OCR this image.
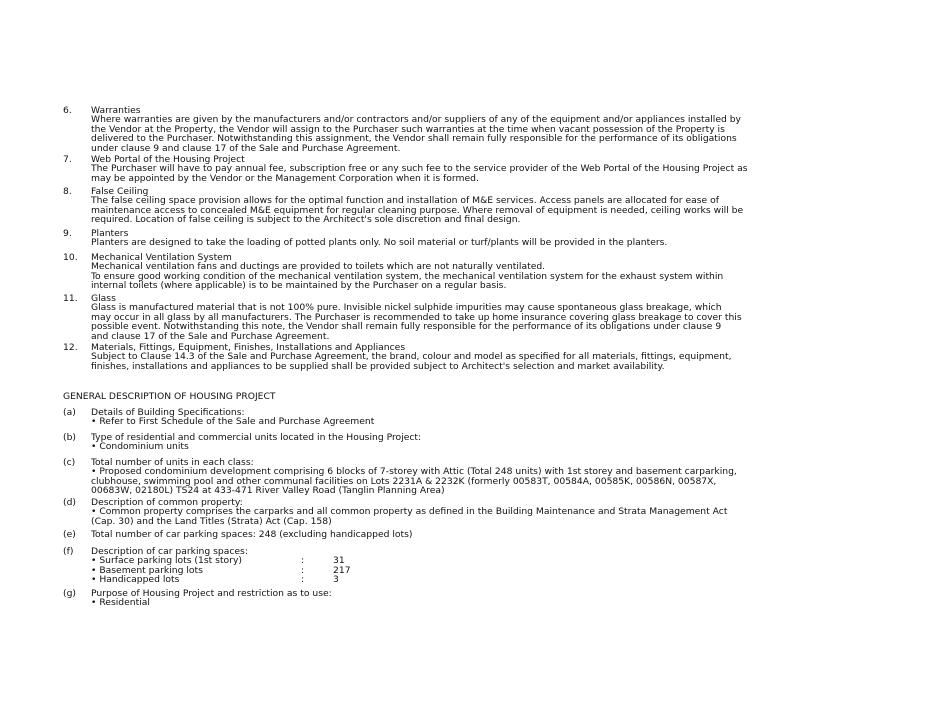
6.	Warranties
Where warranties are given by the manufacturers and/or contractors and/or suppliers of any of the equipment and/or appliances installed by
the Vendor at the Property, the Vendor will assign to the Purchaser such warranties at the time when vacant possession of the Property is
delivered to the Purchaser. Notwithstanding this assignment, the Vendor shall remain fully responsible for the performance of its obligations
under clause 9 and clause 17 of the Sale and Purchase Agreement.
7.	Web Portal of the Housing Project
The Purchaser will have to pay annual fee, subscription free or any such fee to the service provider of the Web Portal of the Housing Project as
may be appointed by the Vendor or the Management Corporation when it is formed.
8.	False Ceiling
The false ceiling space provision allows for the optimal function and installation of M&E services. Access panels are allocated for ease of
maintenance access to concealed M&E equipment for regular cleaning purpose. Where removal of equipment is needed, ceiling works will be
required. Location of false ceiling is subject to the Architect's sole discretion and final design.
9.	Planters
Planters are designed to take the loading of potted plants only. No soil material or turf/plants will be provided in the planters.
10.	Mechanical Ventilation System
Mechanical ventilation fans and ductings are provided to toilets which are not naturally ventilated.
To ensure good working condition of the mechanical ventilation system, the mechanical ventilation system for the exhaust system within
internal toilets (where applicable) is to be maintained by the Purchaser on a regular basis.
11.	Glass
Glass is manufactured material that is not 100% pure. Invisible nickel sulphide impurities may cause spontaneous glass breakage, which
may occur in all glass by all manufacturers. The Purchaser is recommended to take up home insurance covering glass breakage to cover this
possible event. Notwithstanding this note, the Vendor shall remain fully responsible for the performance of its obligations under clause 9
and clause 17 of the Sale and Purchase Agreement.
12.	Materials, Fittings, Equipment, Finishes, Installations and Appliances
Subject to Clause 14.3 of the Sale and Purchase Agreement, the brand, colour and model as specified for all materials, fittings, equipment,
finishes, installations and appliances to be supplied shall be provided subject to Architect's selection and market availability.
GENERAL DESCRIPTION OF HOUSING PROJECT
(a)	Details of Building Specifications:
• Refer to First Schedule of the Sale and Purchase Agreement
(b)	Type of residential and commercial units located in the Housing Project:
• Condominium units
(c)	Total number of units in each class:
• Proposed condominium development comprising 6 blocks of 7-storey with Attic (Total 248 units) with 1st storey and basement carparking,
clubhouse, swimming pool and other communal facilities on Lots 2231A & 2232K (formerly 00583T, 00584A, 00585K, 00586N, 00587X,
00683W, 02180L) TS24 at 433-471 River Valley Road (Tanglin Planning Area)
(d)	Description of common property:
• Common property comprises the carparks and all common property as defined in the Building Maintenance and Strata Management Act
(Cap. 30) and the Land Titles (Strata) Act (Cap. 158)
(e)	Total number of car parking spaces: 248 (excluding handicapped lots)
(f)	Description of car parking spaces:
• Surface parking lots (1st story)	:	31
• Basement parking lots	:	217
• Handicapped lots	:	3
(g)	Purpose of Housing Project and restriction as to use:
• Residential
